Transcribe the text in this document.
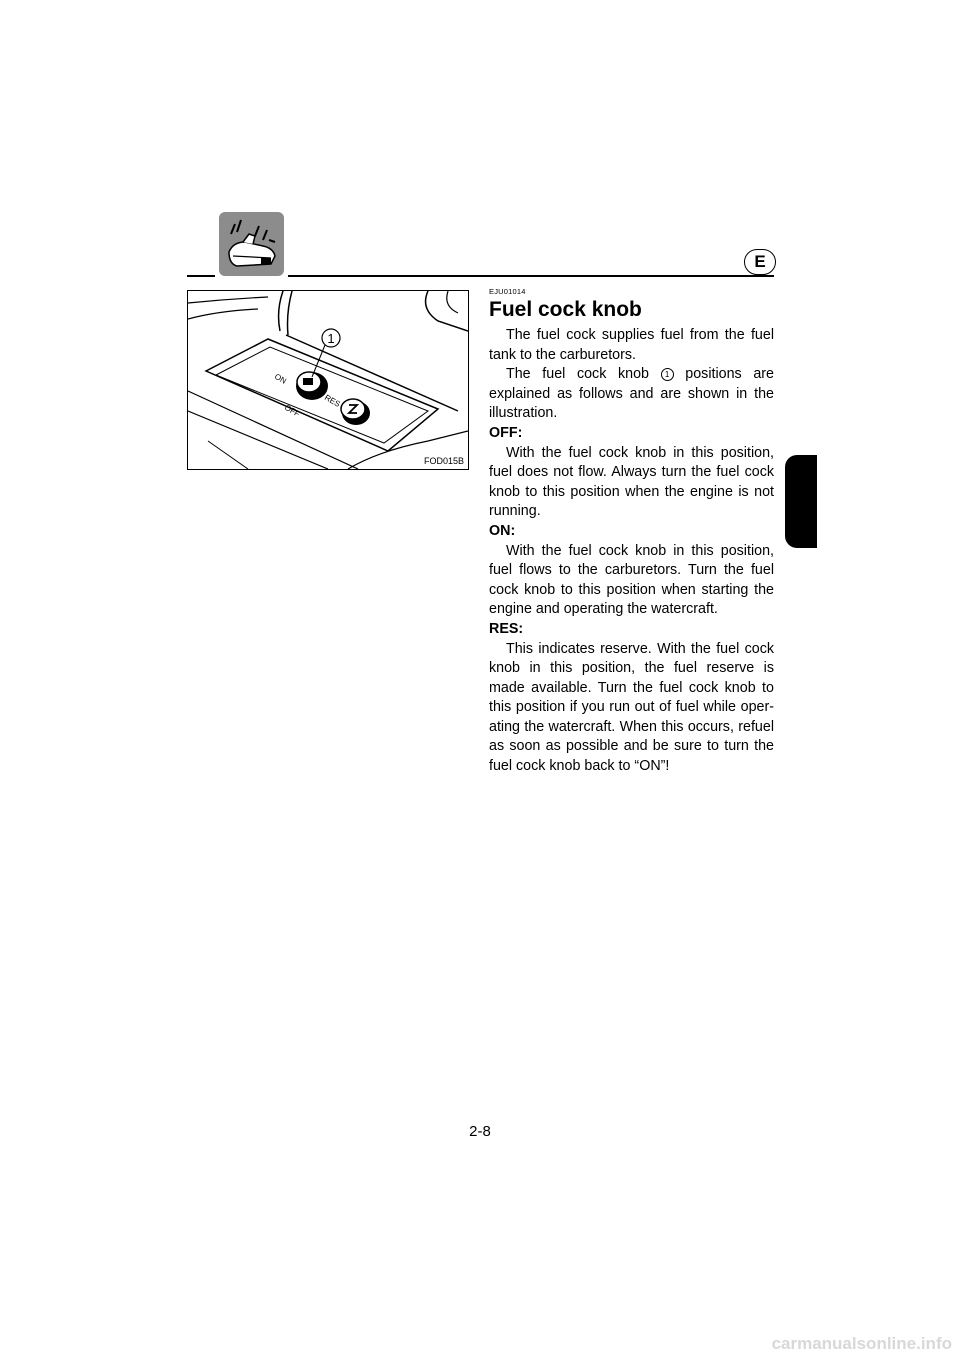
E
1
ON
OFF
RES
FOD015B
EJU01014
Fuel cock knob

The fuel cock supplies fuel from the fuel tank to the carburetors.

The fuel cock knob 1 positions are explained as follows and are shown in the illustration.

OFF:

With the fuel cock knob in this position, fuel does not flow. Always turn the fuel cock knob to this position when the engine is not running.

ON:

With the fuel cock knob in this position, fuel flows to the carburetors. Turn the fuel cock knob to this position when starting the engine and operating the watercraft.

RES:

This indicates reserve. With the fuel cock knob in this position, the fuel reserve is made available. Turn the fuel cock knob to this position if you run out of fuel while oper-ating the watercraft. When this occurs, refuel as soon as possible and be sure to turn the fuel cock knob back to “ON”!

2-8
carmanualsonline.info
